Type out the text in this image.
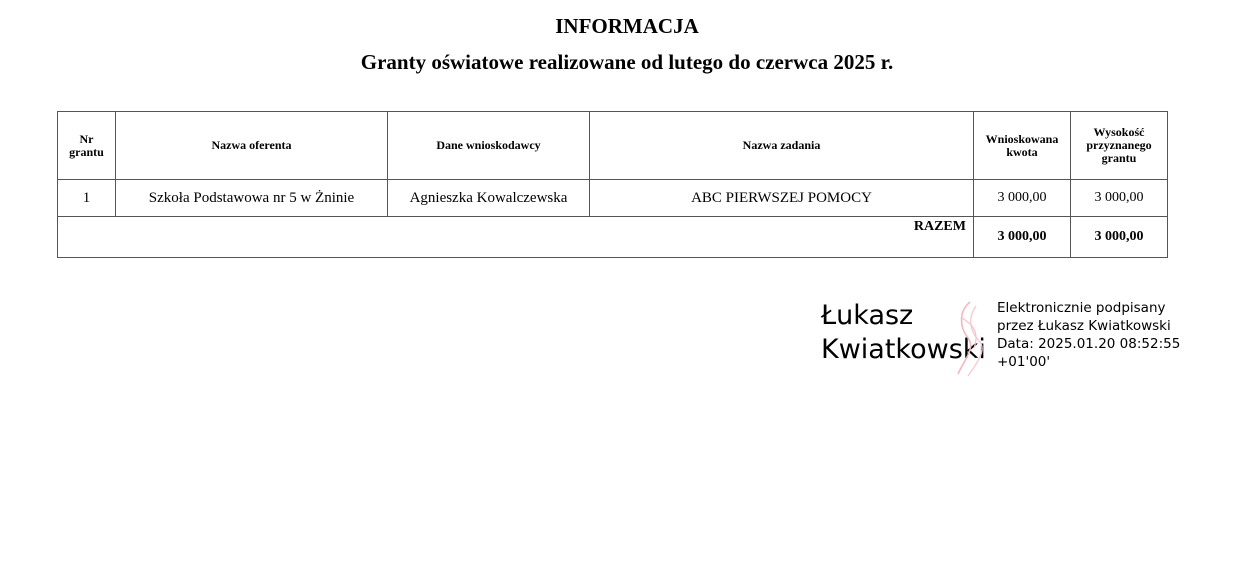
INFORMACJA
Granty oświatowe realizowane od lutego do czerwca 2025 r.
Nr grantu	Nazwa oferenta	Dane wnioskodawcy	Nazwa zadania	Wnioskowana kwota	Wysokość przyznanego grantu
1	Szkoła Podstawowa nr 5 w Żninie	Agnieszka Kowalczewska	ABC PIERWSZEJ POMOCY	3 000,00	3 000,00
RAZEM				3 000,00	3 000,00
Łukasz
Kwiatkowski
Elektronicznie podpisany
przez Łukasz Kwiatkowski
Data: 2025.01.20 08:52:55
+01'00'
